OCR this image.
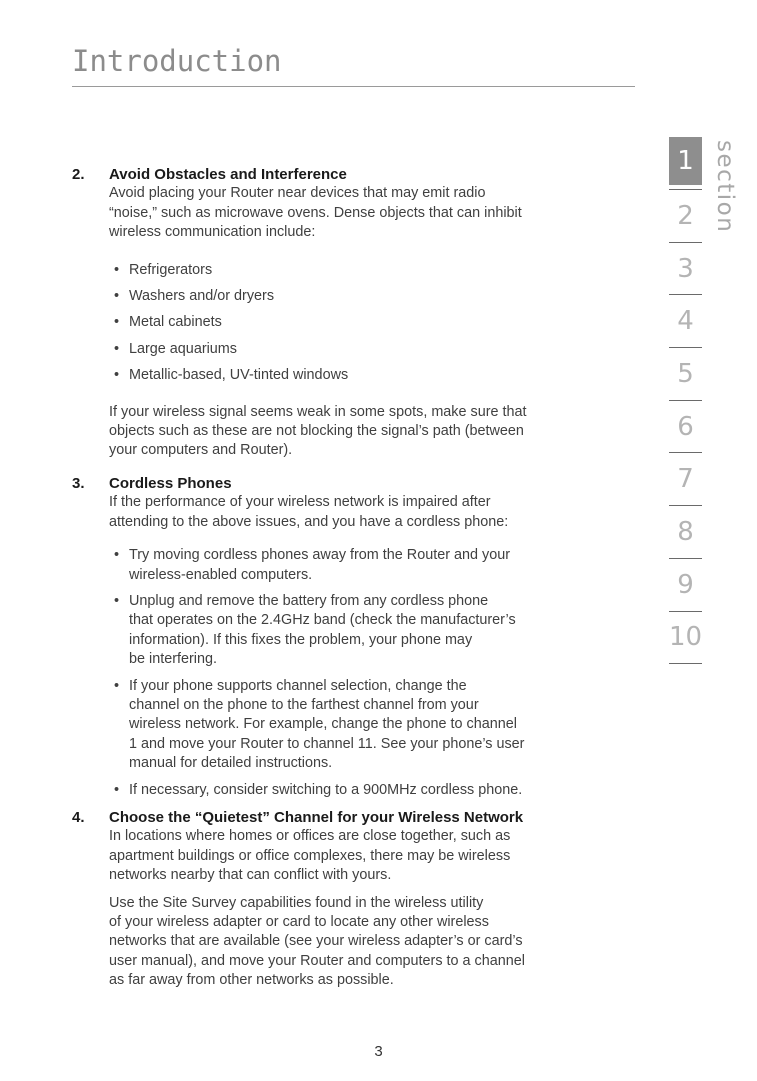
Introduction
2. Avoid Obstacles and Interference

Avoid placing your Router near devices that may emit radio
“noise,” such as microwave ovens. Dense objects that can inhibit
wireless communication include:

• Refrigerators
• Washers and/or dryers
• Metal cabinets
• Large aquariums
• Metallic-based, UV-tinted windows

If your wireless signal seems weak in some spots, make sure that
objects such as these are not blocking the signal’s path (between
your computers and Router).

3. Cordless Phones

If the performance of your wireless network is impaired after
attending to the above issues, and you have a cordless phone:

• Try moving cordless phones away from the Router and your
wireless-enabled computers.
• Unplug and remove the battery from any cordless phone
that operates on the 2.4GHz band (check the manufacturer’s
information). If this fixes the problem, your phone may
be interfering.
• If your phone supports channel selection, change the
channel on the phone to the farthest channel from your
wireless network. For example, change the phone to channel
1 and move your Router to channel 11. See your phone’s user
manual for detailed instructions.
• If necessary, consider switching to a 900MHz cordless phone.
4. Choose the “Quietest” Channel for your Wireless Network

In locations where homes or offices are close together, such as
apartment buildings or office complexes, there may be wireless
networks nearby that can conflict with yours.

Use the Site Survey capabilities found in the wireless utility
of your wireless adapter or card to locate any other wireless
networks that are available (see your wireless adapter’s or card’s
user manual), and move your Router and computers to a channel
as far away from other networks as possible.

1
2
3
4
5
6
7
8
9
10
section
3
